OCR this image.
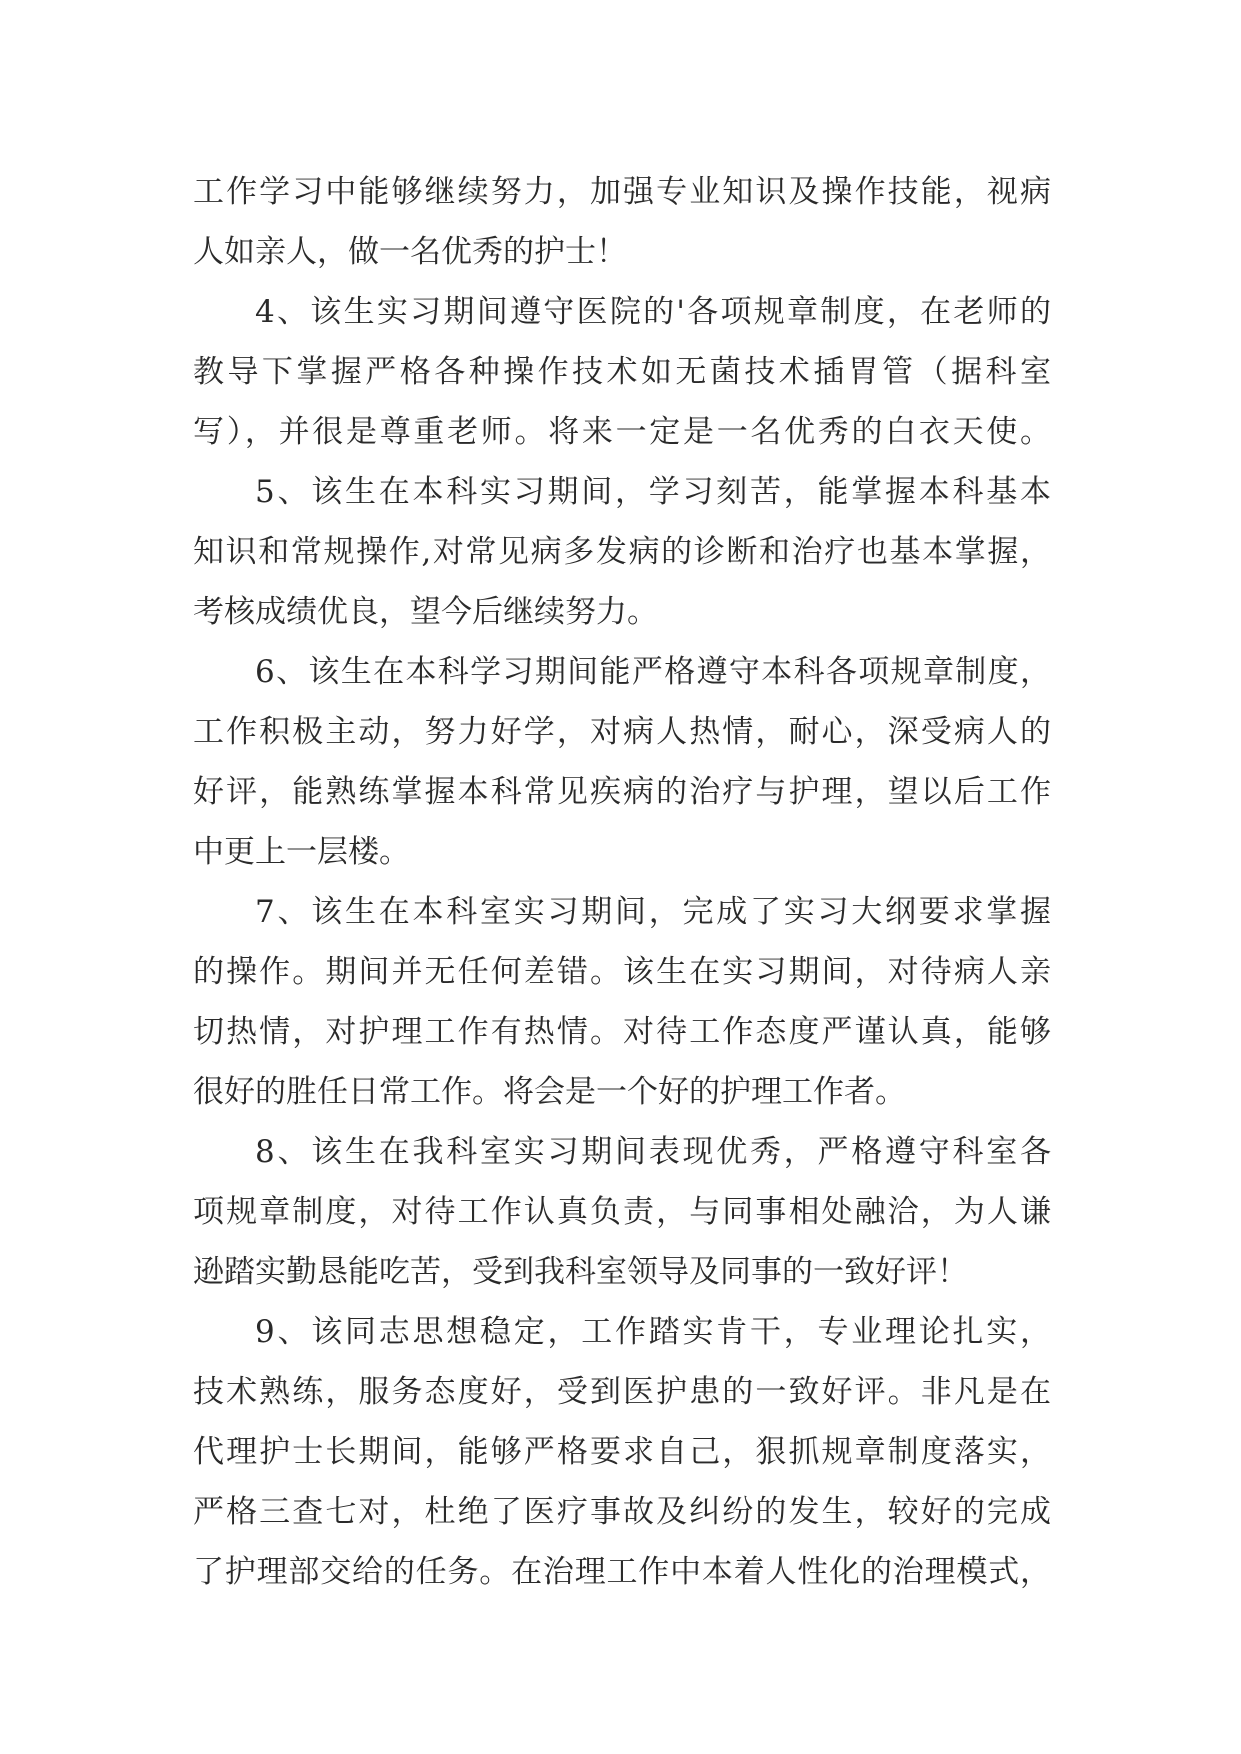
工作学习中能够继续努力，加强专业知识及操作技能，视病
人如亲人，做一名优秀的护士！
4、该生实习期间遵守医院的'各项规章制度，在老师的
教导下掌握严格各种操作技术如无菌技术插胃管（据科室
写），并很是尊重老师。将来一定是一名优秀的白衣天使。
5、该生在本科实习期间，学习刻苦，能掌握本科基本
知识和常规操作,对常见病多发病的诊断和治疗也基本掌握，
考核成绩优良，望今后继续努力。
6、该生在本科学习期间能严格遵守本科各项规章制度，
工作积极主动，努力好学，对病人热情，耐心，深受病人的
好评，能熟练掌握本科常见疾病的治疗与护理，望以后工作
中更上一层楼。
7、该生在本科室实习期间，完成了实习大纲要求掌握
的操作。期间并无任何差错。该生在实习期间，对待病人亲
切热情，对护理工作有热情。对待工作态度严谨认真，能够
很好的胜任日常工作。将会是一个好的护理工作者。
8、该生在我科室实习期间表现优秀，严格遵守科室各
项规章制度，对待工作认真负责，与同事相处融洽，为人谦
逊踏实勤恳能吃苦，受到我科室领导及同事的一致好评！
9、该同志思想稳定，工作踏实肯干，专业理论扎实，
技术熟练，服务态度好，受到医护患的一致好评。非凡是在
代理护士长期间，能够严格要求自己，狠抓规章制度落实，
严格三查七对，杜绝了医疗事故及纠纷的发生，较好的完成
了护理部交给的任务。在治理工作中本着人性化的治理模式，
